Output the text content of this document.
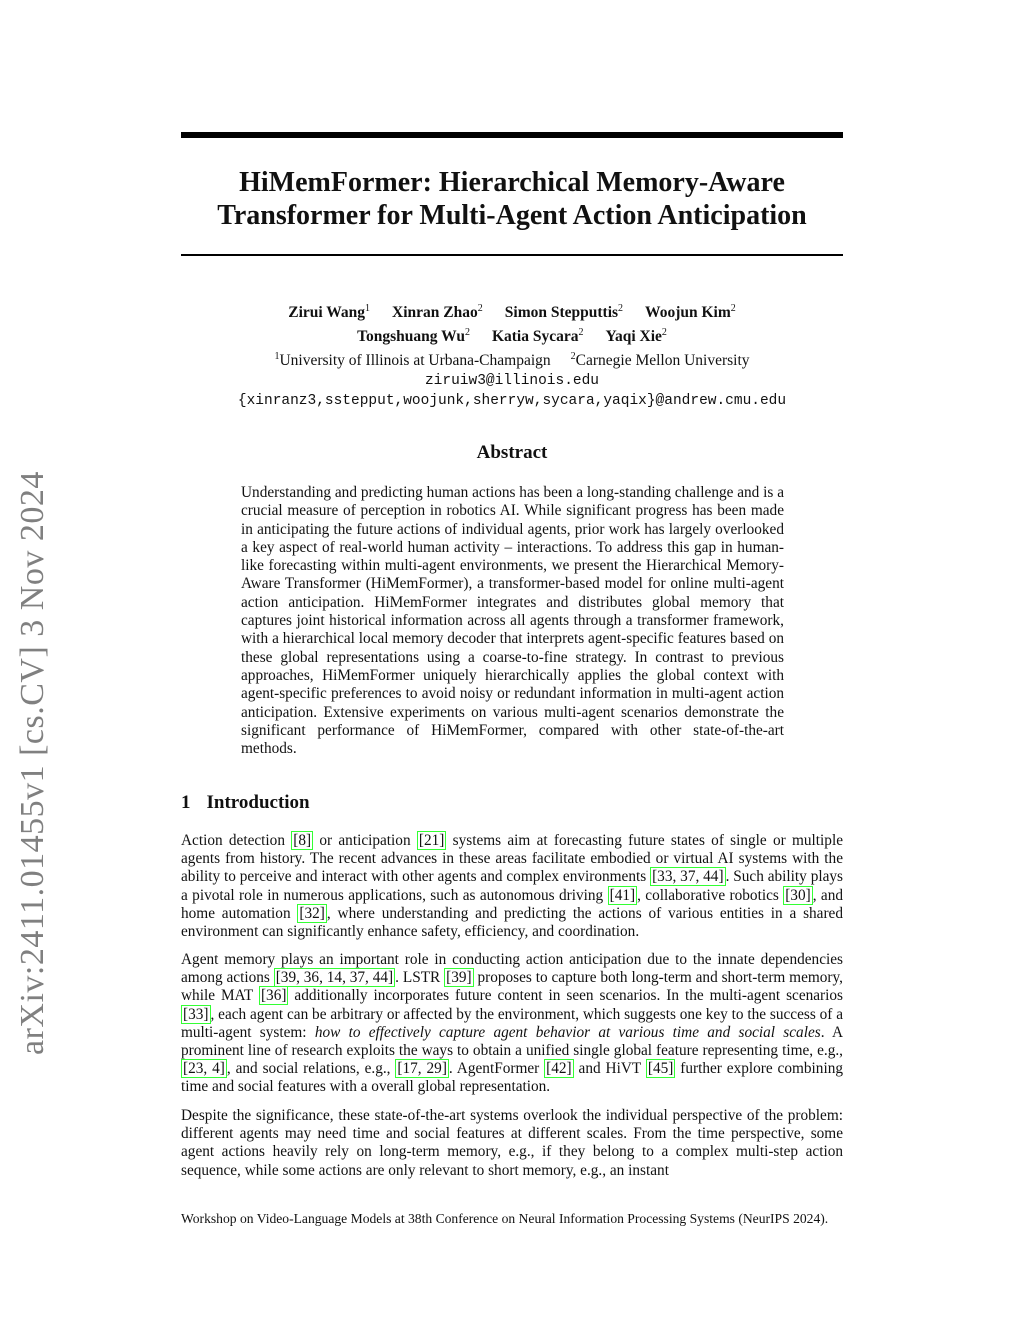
arXiv:2411.01455v1 [cs.CV] 3 Nov 2024
HiMemFormer: Hierarchical Memory-Aware Transformer for Multi-Agent Action Anticipation
Zirui Wang$^1$ Xinran Zhao$^2$ Simon Stepputtis$^2$ Woojun Kim$^2$
Tongshuang Wu$^2$ Katia Sycara$^2$ Yaqi Xie$^2$
$^1$University of Illinois at Urbana-Champaign $^2$Carnegie Mellon University
ziruiw3@illinois.edu
{xinranz3,sstepput,woojunk,sherryw,sycara,yaqix}@andrew.cmu.edu
Abstract
Understanding and predicting human actions has been a long-standing challenge and is a crucial measure of perception in robotics AI. While significant progress has been made in anticipating the future actions of individual agents, prior work has largely overlooked a key aspect of real-world human activity – interactions. To address this gap in human-like forecasting within multi-agent environments, we present the Hierarchical Memory-Aware Transformer (HiMemFormer), a transformer-based model for online multi-agent action anticipation. HiMemFormer integrates and distributes global memory that captures joint historical information across all agents through a transformer framework, with a hierarchical local memory decoder that interprets agent-specific features based on these global representations using a coarse-to-fine strategy. In contrast to previous approaches, HiMemFormer uniquely hierarchically applies the global context with agent-specific preferences to avoid noisy or redundant information in multi-agent action anticipation. Extensive experiments on various multi-agent scenarios demonstrate the significant performance of HiMemFormer, compared with other state-of-the-art methods.
1 Introduction
Action detection [8] or anticipation [21] systems aim at forecasting future states of single or multiple agents from history. The recent advances in these areas facilitate embodied or virtual AI systems with the ability to perceive and interact with other agents and complex environments [33, 37, 44] . Such ability plays a pivotal role in numerous applications, such as autonomous driving [41] , collaborative robotics [30] , and home automation [32] , where understanding and predicting the actions of various entities in a shared environment can significantly enhance safety, efficiency, and coordination.
Agent memory plays an important role in conducting action anticipation due to the innate dependencies among actions [39, 36, 14, 37, 44] . LSTR [39] proposes to capture both long-term and short-term memory, while MAT [36] additionally incorporates future content in seen scenarios. In the multi-agent scenarios [33] , each agent can be arbitrary or affected by the environment, which suggests one key to the success of a multi-agent system: how to effectively capture agent behavior at various time and social scales. A prominent line of research exploits the ways to obtain a unified single global feature representing time, e.g., [23, 4] , and social relations, e.g., [17, 29] . AgentFormer [42] and HiVT [45] further explore combining time and social features with a overall global representation.
Despite the significance, these state-of-the-art systems overlook the individual perspective of the problem: different agents may need time and social features at different scales. From the time perspective, some agent actions heavily rely on long-term memory, e.g., if they belong to a complex multi-step action sequence, while some actions are only relevant to short memory, e.g., an instant
Workshop on Video-Language Models at 38th Conference on Neural Information Processing Systems (NeurIPS 2024).
